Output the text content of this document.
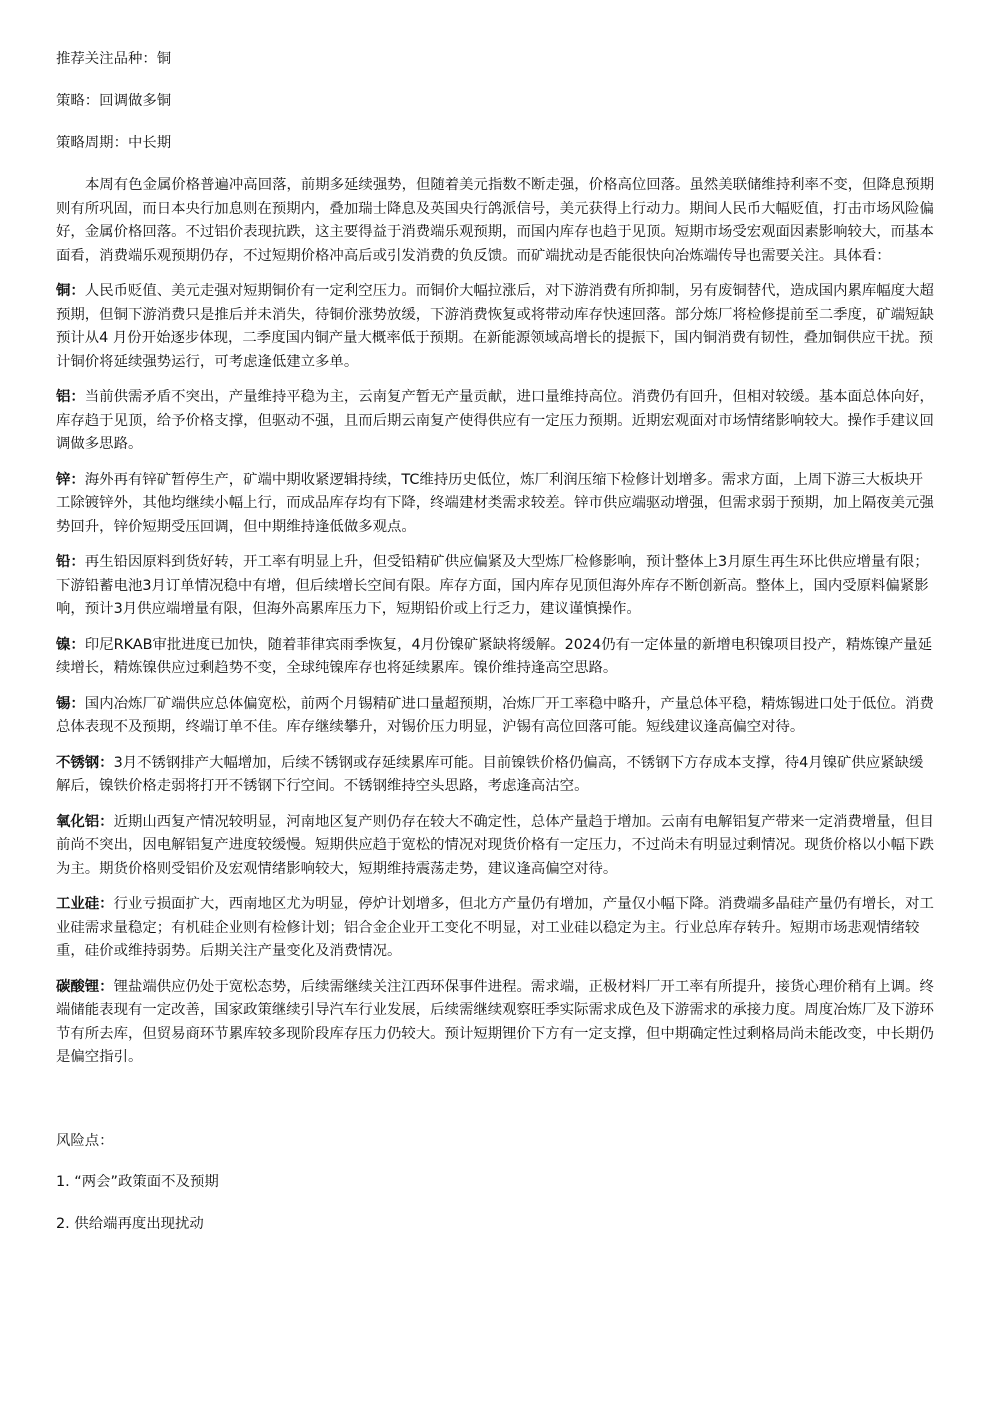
推荐关注品种：铜
策略：回调做多铜
策略周期：中长期

本周有色金属价格普遍冲高回落，前期多延续强势，但随着美元指数不断走强，价格高位回落。虽然美联储维持利率不变，但降息预期则有所巩固，而日本央行加息则在预期内，叠加瑞士降息及英国央行鸽派信号，美元获得上行动力。期间人民币大幅贬值，打击市场风险偏好，金属价格回落。不过铝价表现抗跌，这主要得益于消费端乐观预期，而国内库存也趋于见顶。短期市场受宏观面因素影响较大，而基本面看，消费端乐观预期仍存，不过短期价格冲高后或引发消费的负反馈。而矿端扰动是否能很快向冶炼端传导也需要关注。具体看：

铜：人民币贬值、美元走强对短期铜价有一定利空压力。而铜价大幅拉涨后，对下游消费有所抑制，另有废铜替代，造成国内累库幅度大超预期，但铜下游消费只是推后并未消失，待铜价涨势放缓，下游消费恢复或将带动库存快速回落。部分炼厂将检修提前至二季度，矿端短缺预计从4 月份开始逐步体现，二季度国内铜产量大概率低于预期。在新能源领域高增长的提振下，国内铜消费有韧性，叠加铜供应干扰。预计铜价将延续强势运行，可考虑逢低建立多单。

铝：当前供需矛盾不突出，产量维持平稳为主，云南复产暂无产量贡献，进口量维持高位。消费仍有回升，但相对较缓。基本面总体向好，库存趋于见顶，给予价格支撑，但驱动不强，且而后期云南复产使得供应有一定压力预期。近期宏观面对市场情绪影响较大。操作手建议回调做多思路。

锌：海外再有锌矿暂停生产，矿端中期收紧逻辑持续，TC维持历史低位，炼厂利润压缩下检修计划增多。需求方面，上周下游三大板块开工除镀锌外，其他均继续小幅上行，而成品库存均有下降，终端建材类需求较差。锌市供应端驱动增强，但需求弱于预期，加上隔夜美元强势回升，锌价短期受压回调，但中期维持逢低做多观点。

铅：再生铅因原料到货好转，开工率有明显上升，但受铅精矿供应偏紧及大型炼厂检修影响，预计整体上3月原生再生环比供应增量有限；下游铅蓄电池3月订单情况稳中有增，但后续增长空间有限。库存方面，国内库存见顶但海外库存不断创新高。整体上，国内受原料偏紧影响，预计3月供应端增量有限，但海外高累库压力下，短期铅价或上行乏力，建议谨慎操作。

镍：印尼RKAB审批进度已加快，随着菲律宾雨季恢复，4月份镍矿紧缺将缓解。2024仍有一定体量的新增电积镍项目投产，精炼镍产量延续增长，精炼镍供应过剩趋势不变，全球纯镍库存也将延续累库。镍价维持逢高空思路。

锡：国内冶炼厂矿端供应总体偏宽松，前两个月锡精矿进口量超预期，冶炼厂开工率稳中略升，产量总体平稳，精炼锡进口处于低位。消费总体表现不及预期，终端订单不佳。库存继续攀升，对锡价压力明显，沪锡有高位回落可能。短线建议逢高偏空对待。

不锈钢：3月不锈钢排产大幅增加，后续不锈钢或存延续累库可能。目前镍铁价格仍偏高，不锈钢下方存成本支撑，待4月镍矿供应紧缺缓解后，镍铁价格走弱将打开不锈钢下行空间。不锈钢维持空头思路，考虑逢高沽空。

氧化铝：近期山西复产情况较明显，河南地区复产则仍存在较大不确定性，总体产量趋于增加。云南有电解铝复产带来一定消费增量，但目前尚不突出，因电解铝复产进度较缓慢。短期供应趋于宽松的情况对现货价格有一定压力，不过尚未有明显过剩情况。现货价格以小幅下跌为主。期货价格则受铝价及宏观情绪影响较大，短期维持震荡走势，建议逢高偏空对待。

工业硅：行业亏损面扩大，西南地区尤为明显，停炉计划增多，但北方产量仍有增加，产量仅小幅下降。消费端多晶硅产量仍有增长，对工业硅需求量稳定；有机硅企业则有检修计划；铝合金企业开工变化不明显，对工业硅以稳定为主。行业总库存转升。短期市场悲观情绪较重，硅价或维持弱势。后期关注产量变化及消费情况。

碳酸锂：锂盐端供应仍处于宽松态势，后续需继续关注江西环保事件进程。需求端，正极材料厂开工率有所提升，接货心理价稍有上调。终端储能表现有一定改善，国家政策继续引导汽车行业发展，后续需继续观察旺季实际需求成色及下游需求的承接力度。周度冶炼厂及下游环节有所去库，但贸易商环节累库较多现阶段库存压力仍较大。预计短期锂价下方有一定支撑，但中期确定性过剩格局尚未能改变，中长期仍是偏空指引。

风险点：
1. “两会”政策面不及预期
2. 供给端再度出现扰动
